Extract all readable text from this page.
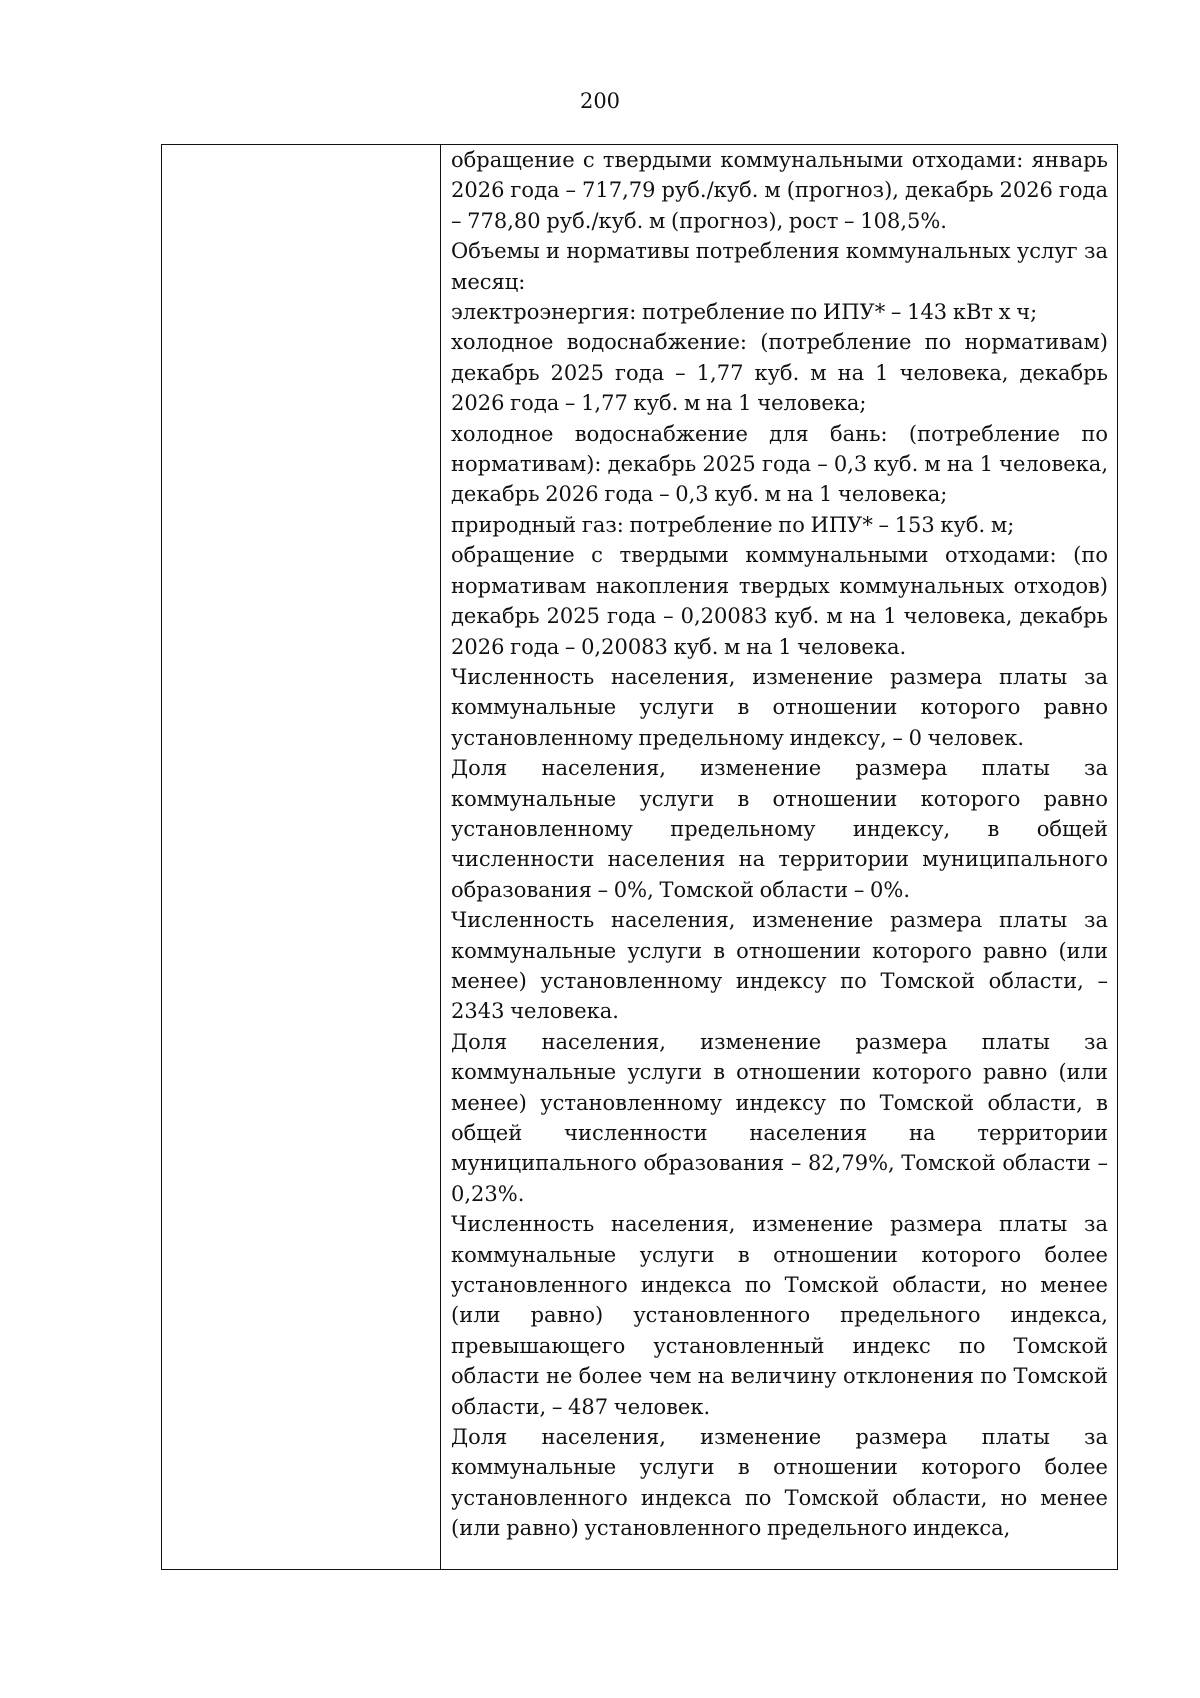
200

обращение с твердыми коммунальными отходами: январь 2026 года – 717,79 руб./куб. м (прогноз), декабрь 2026 года – 778,80 руб./куб. м (прогноз), рост – 108,5%.

Объемы и нормативы потребления коммунальных услуг за месяц:

электроэнергия: потребление по ИПУ* – 143 кВт х ч;

холодное водоснабжение: (потребление по нормативам) декабрь 2025 года – 1,77 куб. м на 1 человека, декабрь 2026 года – 1,77 куб. м на 1 человека;

холодное водоснабжение для бань: (потребление по нормативам): декабрь 2025 года – 0,3 куб. м на 1 человека, декабрь 2026 года – 0,3 куб. м на 1 человека;

природный газ: потребление по ИПУ* – 153 куб. м;

обращение с твердыми коммунальными отходами: (по нормативам накопления твердых коммунальных отходов) декабрь 2025 года – 0,20083 куб. м на 1 человека, декабрь 2026 года – 0,20083 куб. м на 1 человека.

Численность населения, изменение размера платы за коммунальные услуги в отношении которого равно установленному предельному индексу, – 0 человек.

Доля населения, изменение размера платы за коммунальные услуги в отношении которого равно установленному предельному индексу, в общей численности населения на территории муниципального образования – 0%, Томской области – 0%.

Численность населения, изменение размера платы за коммунальные услуги в отношении которого равно (или менее) установленному индексу по Томской области, – 2343 человека.

Доля населения, изменение размера платы за коммунальные услуги в отношении которого равно (или менее) установленному индексу по Томской области, в общей численности населения на территории муниципального образования – 82,79%, Томской области – 0,23%.

Численность населения, изменение размера платы за коммунальные услуги в отношении которого более установленного индекса по Томской области, но менее (или равно) установленного предельного индекса, превышающего установленный индекс по Томской области не более чем на величину отклонения по Томской области, – 487 человек.

Доля населения, изменение размера платы за коммунальные услуги в отношении которого более установленного индекса по Томской области, но менее (или равно) установленного предельного индекса,
